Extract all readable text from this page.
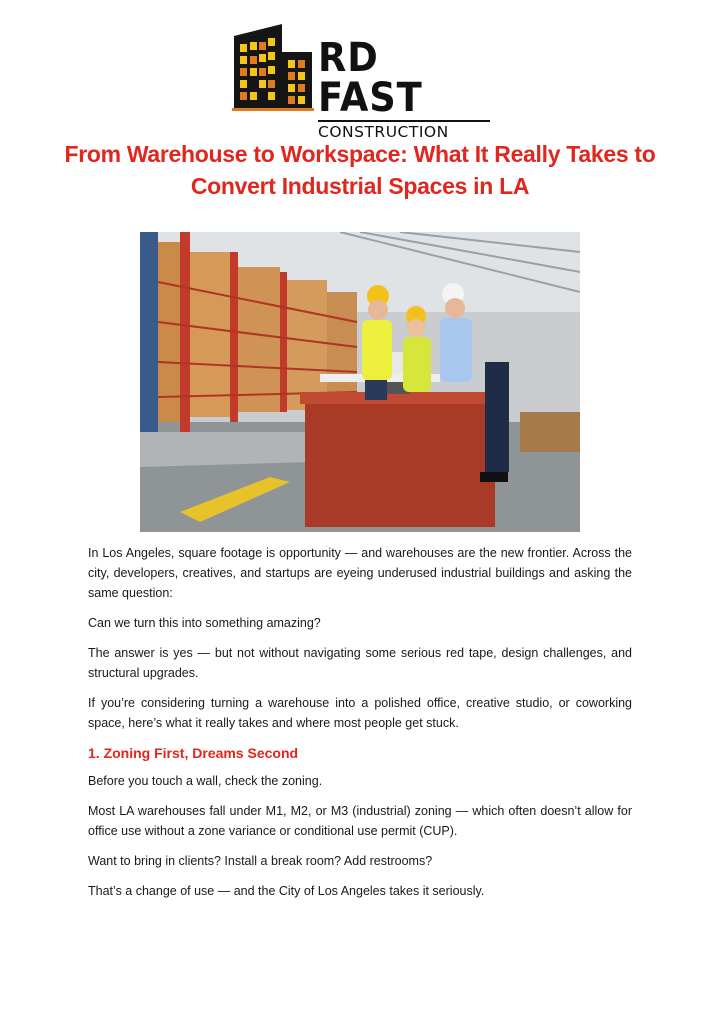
RD FAST
CONSTRUCTION
From Warehouse to Workspace: What It Really Takes to Convert Industrial Spaces in LA

In Los Angeles, square footage is opportunity — and warehouses are the new frontier. Across the city, developers, creatives, and startups are eyeing underused industrial buildings and asking the same question:

Can we turn this into something amazing?

The answer is yes — but not without navigating some serious red tape, design challenges, and structural upgrades.

If you’re considering turning a warehouse into a polished office, creative studio, or coworking space, here’s what it really takes and where most people get stuck.

1. Zoning First, Dreams Second

Before you touch a wall, check the zoning.

Most LA warehouses fall under M1, M2, or M3 (industrial) zoning — which often doesn’t allow for office use without a zone variance or conditional use permit (CUP).

Want to bring in clients? Install a break room? Add restrooms?

That’s a change of use — and the City of Los Angeles takes it seriously.
